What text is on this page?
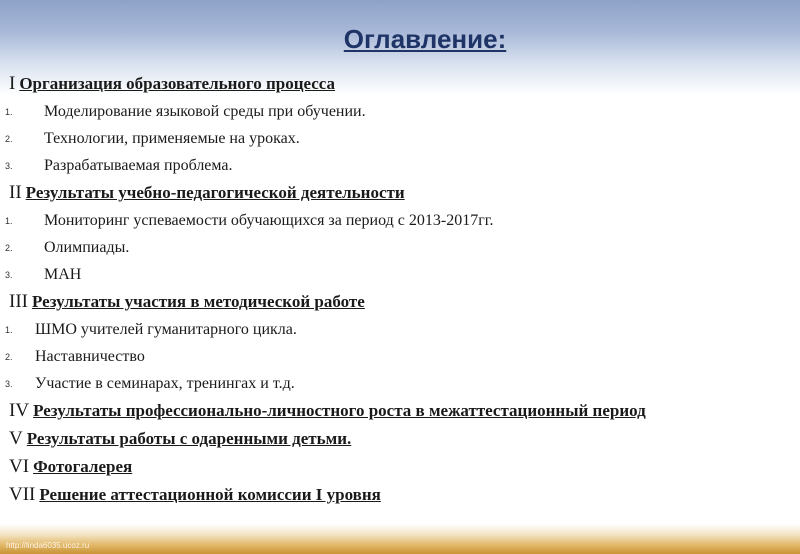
Оглавление:
I Организация образовательного процесса
1. Моделирование языковой среды при обучении.
2. Технологии, применяемые на уроках.
3. Разрабатываемая проблема.
II Результаты учебно-педагогической деятельности
1. Мониторинг успеваемости обучающихся за период с 2013-2017гг.
2. Олимпиады.
3. МАН
III Результаты участия в методической работе
1. ШМО учителей гуманитарного цикла.
2. Наставничество
3. Участие в семинарах, тренингах и т.д.
IV Результаты профессионально-личностного роста в межаттестационный период
V Результаты работы с одаренными детьми.
VI Фотогалерея
VII Решение аттестационной комиссии I уровня
http://linda6035.ucoz.ru
